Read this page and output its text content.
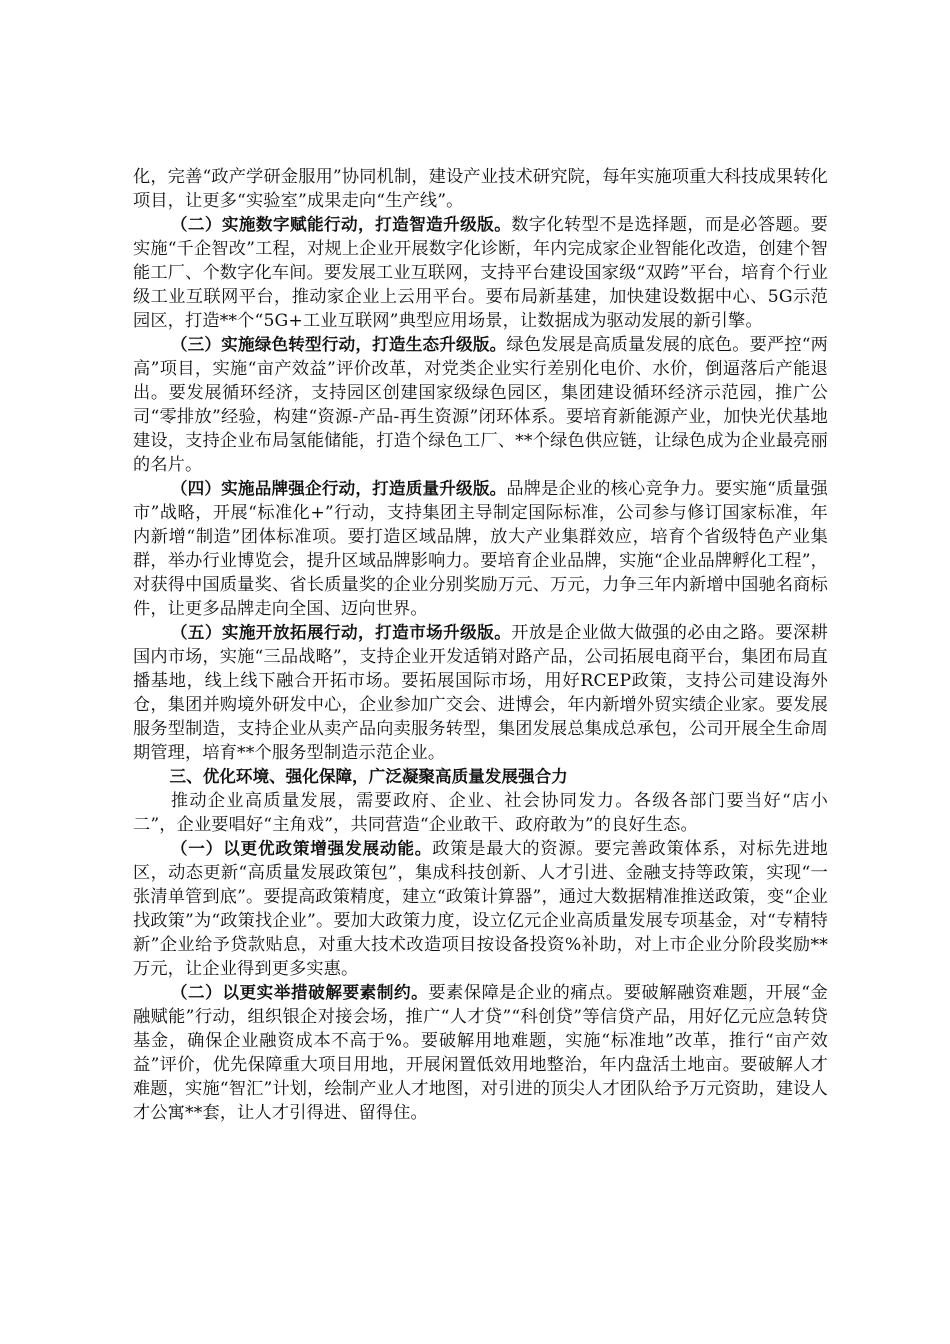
化，完善“政产学研金服用”协同机制，建设产业技术研究院，每年实施项重大科技成果转化项目，让更多“实验室”成果走向“生产线”。

（二）实施数字赋能行动，打造智造升级版。数字化转型不是选择题，而是必答题。要实施“千企智改”工程，对规上企业开展数字化诊断，年内完成家企业智能化改造，创建个智能工厂、个数字化车间。要发展工业互联网，支持平台建设国家级“双跨”平台，培育个行业级工业互联网平台，推动家企业上云用平台。要布局新基建，加快建设数据中心、5G示范园区，打造**个“5G+工业互联网”典型应用场景，让数据成为驱动发展的新引擎。

（三）实施绿色转型行动，打造生态升级版。绿色发展是高质量发展的底色。要严控“两高”项目，实施“亩产效益”评价改革，对党类企业实行差别化电价、水价，倒逼落后产能退出。要发展循环经济，支持园区创建国家级绿色园区，集团建设循环经济示范园，推广公司“零排放”经验，构建“资源-产品-再生资源”闭环体系。要培育新能源产业，加快光伏基地建设，支持企业布局氢能储能，打造个绿色工厂、**个绿色供应链，让绿色成为企业最亮丽的名片。

（四）实施品牌强企行动，打造质量升级版。品牌是企业的核心竞争力。要实施“质量强市”战略，开展“标准化+”行动，支持集团主导制定国际标准，公司参与修订国家标准，年内新增“制造”团体标准项。要打造区域品牌，放大产业集群效应，培育个省级特色产业集群，举办行业博览会，提升区域品牌影响力。要培育企业品牌，实施“企业品牌孵化工程”，对获得中国质量奖、省长质量奖的企业分别奖励万元、万元，力争三年内新增中国驰名商标件，让更多品牌走向全国、迈向世界。

（五）实施开放拓展行动，打造市场升级版。开放是企业做大做强的必由之路。要深耕国内市场，实施“三品战略”，支持企业开发适销对路产品，公司拓展电商平台，集团布局直播基地，线上线下融合开拓市场。要拓展国际市场，用好RCEP政策，支持公司建设海外仓，集团并购境外研发中心，企业参加广交会、进博会，年内新增外贸实绩企业家。要发展服务型制造，支持企业从卖产品向卖服务转型，集团发展总集成总承包，公司开展全生命周期管理，培育**个服务型制造示范企业。

三、优化环境、强化保障，广泛凝聚高质量发展强合力

推动企业高质量发展，需要政府、企业、社会协同发力。各级各部门要当好“店小二”，企业要唱好“主角戏”，共同营造“企业敢干、政府敢为”的良好生态。

（一）以更优政策增强发展动能。政策是最大的资源。要完善政策体系，对标先进地区，动态更新“高质量发展政策包”，集成科技创新、人才引进、金融支持等政策，实现“一张清单管到底”。要提高政策精度，建立“政策计算器”，通过大数据精准推送政策，变“企业找政策”为“政策找企业”。要加大政策力度，设立亿元企业高质量发展专项基金，对“专精特新”企业给予贷款贴息，对重大技术改造项目按设备投资%补助，对上市企业分阶段奖励**万元，让企业得到更多实惠。

（二）以更实举措破解要素制约。要素保障是企业的痛点。要破解融资难题，开展“金融赋能”行动，组织银企对接会场，推广“人才贷”“科创贷”等信贷产品，用好亿元应急转贷基金，确保企业融资成本不高于%。要破解用地难题，实施“标准地”改革，推行“亩产效益”评价，优先保障重大项目用地，开展闲置低效用地整治，年内盘活土地亩。要破解人才难题，实施“智汇”计划，绘制产业人才地图，对引进的顶尖人才团队给予万元资助，建设人才公寓**套，让人才引得进、留得住。
